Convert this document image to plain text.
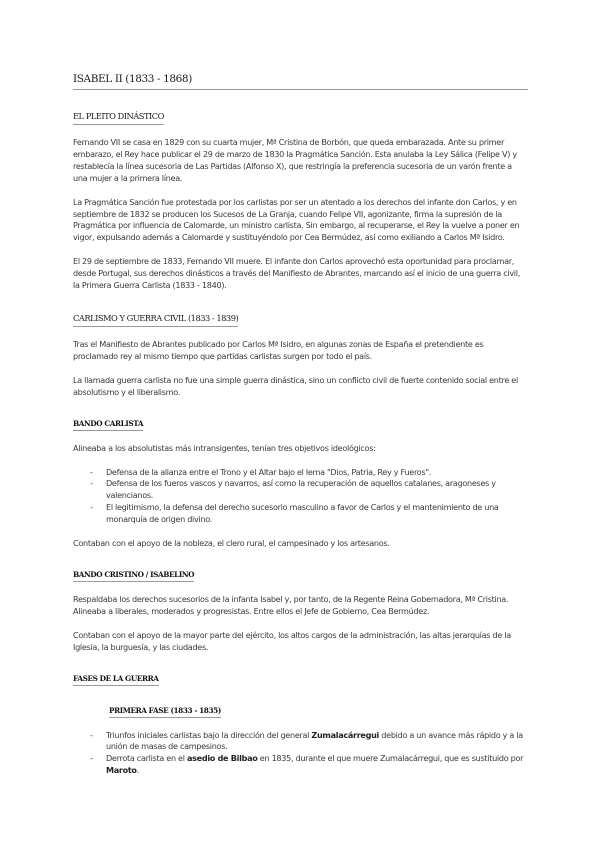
ISABEL II (1833 - 1868)
EL PLEITO DINÁSTICO

Fernando VII se casa en 1829 con su cuarta mujer, Mª Cristina de Borbón, que queda embarazada. Ante su primer embarazo, el Rey hace publicar el 29 de marzo de 1830 la Pragmática Sanción. Esta anulaba la Ley Sálica (Felipe V) y restablecía la línea sucesoria de Las Partidas (Alfonso X), que restringía la preferencia sucesoria de un varón frente a una mujer a la primera línea.

La Pragmática Sanción fue protestada por los carlistas por ser un atentado a los derechos del infante don Carlos, y en septiembre de 1832 se producen los Sucesos de La Granja, cuando Felipe VII, agonizante, firma la supresión de la Pragmática por influencia de Calomarde, un ministro carlista. Sin embargo, al recuperarse, el Rey la vuelve a poner en vigor, expulsando además a Calomarde y sustituyéndolo por Cea Bermúdez, así como exiliando a Carlos Mª Isidro.

El 29 de septiembre de 1833, Fernando VII muere. El infante don Carlos aprovechó esta oportunidad para proclamar, desde Portugal, sus derechos dinásticos a través del Manifiesto de Abrantes, marcando así el inicio de una guerra civil, la Primera Guerra Carlista (1833 - 1840).

CARLISMO Y GUERRA CIVIL (1833 - 1839)

Tras el Manifiesto de Abrantes publicado por Carlos Mª Isidro, en algunas zonas de España el pretendiente es proclamado rey al mismo tiempo que partidas carlistas surgen por todo el país.

La llamada guerra carlista no fue una simple guerra dinástica, sino un conflicto civil de fuerte contenido social entre el absolutismo y el liberalismo.

BANDO CARLISTA

Alineaba a los absolutistas más intransigentes, tenían tres objetivos ideológicos:

- Defensa de la alianza entre el Trono y el Altar bajo el lema "Dios, Patria, Rey y Fueros".
- Defensa de los fueros vascos y navarros, así como la recuperación de aquellos catalanes, aragoneses y valencianos.
- El legitimismo, la defensa del derecho sucesorio masculino a favor de Carlos y el mantenimiento de una monarquía de origen divino.

Contaban con el apoyo de la nobleza, el clero rural, el campesinado y los artesanos.

BANDO CRISTINO / ISABELINO

Respaldaba los derechos sucesorios de la infanta Isabel y, por tanto, de la Regente Reina Gobernadora, Mª Cristina. Alineaba a liberales, moderados y progresistas. Entre ellos el Jefe de Gobierno, Cea Bermúdez.

Contaban con el apoyo de la mayor parte del ejército, los altos cargos de la administración, las altas jerarquías de la Iglesia, la burguesía, y las ciudades.

FASES DE LA GUERRA
PRIMERA FASE (1833 - 1835)
- Triunfos iniciales carlistas bajo la dirección del general Zumalacárregui debido a un avance más rápido y a la unión de masas de campesinos.
- Derrota carlista en el asedio de Bilbao en 1835, durante el que muere Zumalacárregui, que es sustituido por Maroto.
